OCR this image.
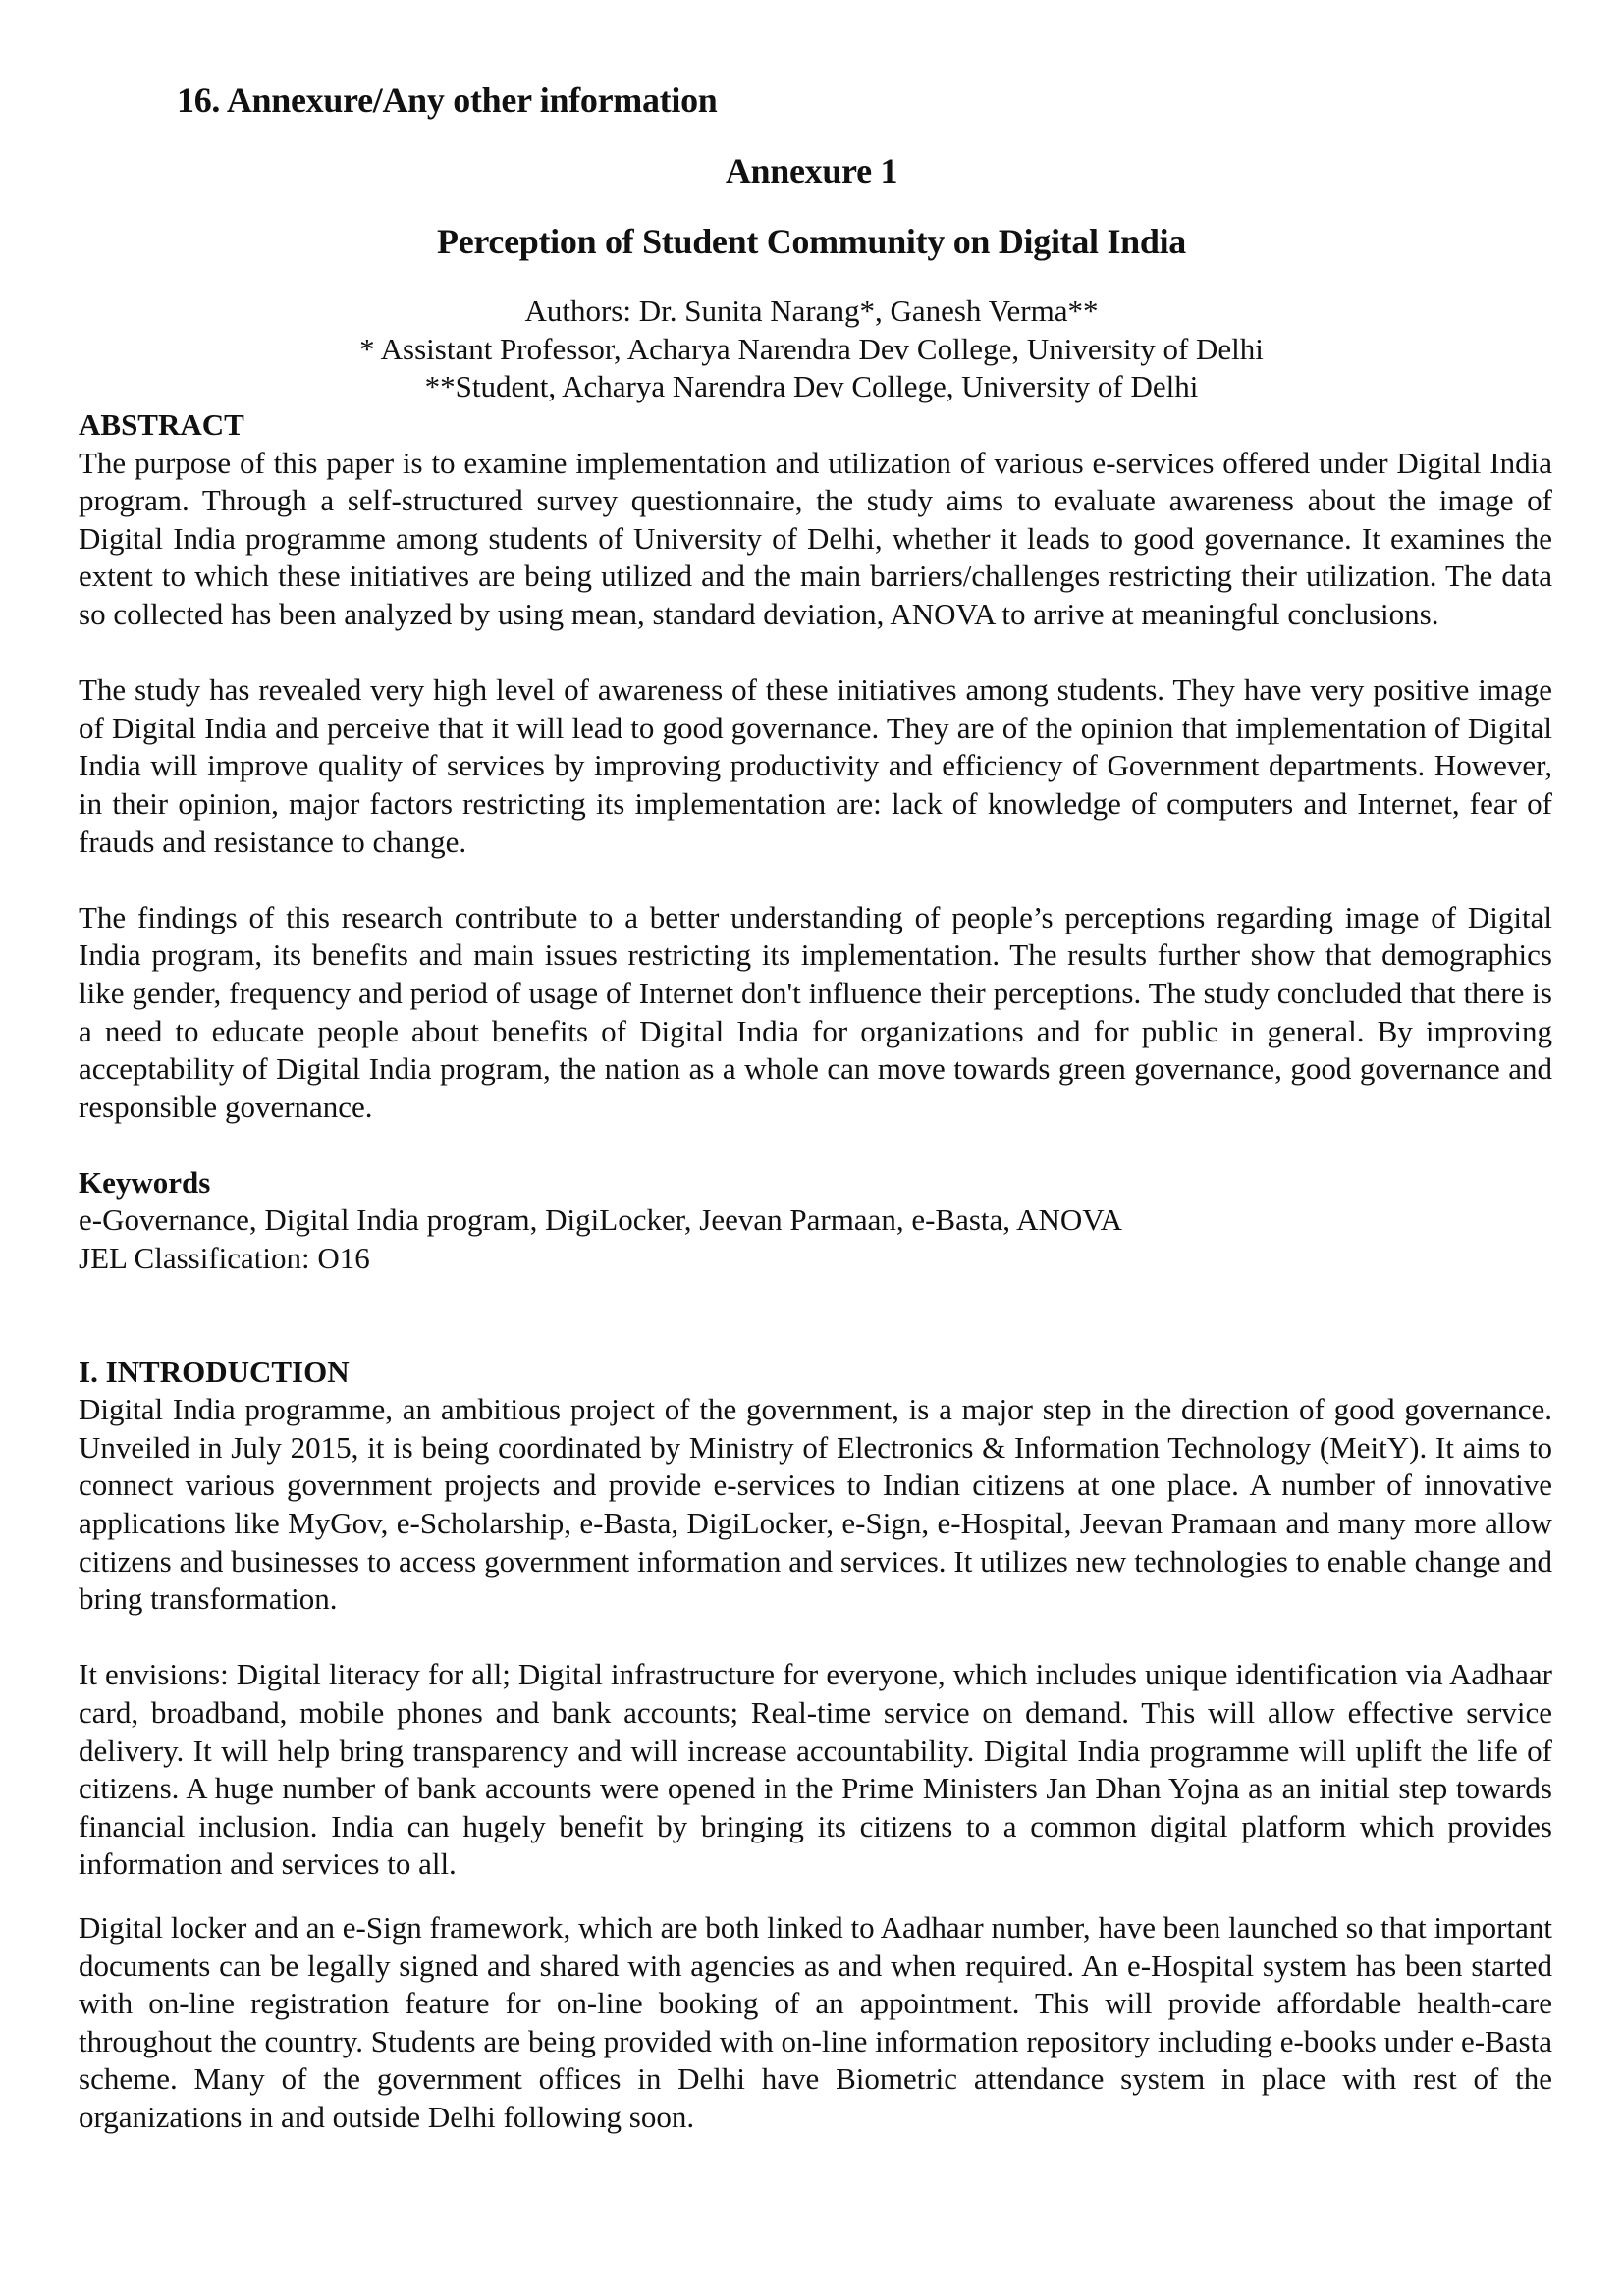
16. Annexure/Any other information
Annexure 1
Perception of Student Community on Digital India
Authors: Dr. Sunita Narang*, Ganesh Verma**
* Assistant Professor, Acharya Narendra Dev College, University of Delhi
**Student, Acharya Narendra Dev College, University of Delhi

ABSTRACT

The purpose of this paper is to examine implementation and utilization of various e-services offered under Digital India program. Through a self-structured survey questionnaire, the study aims to evaluate awareness about the image of Digital India programme among students of University of Delhi, whether it leads to good governance. It examines the extent to which these initiatives are being utilized and the main barriers/challenges restricting their utilization. The data so collected has been analyzed by using mean, standard deviation, ANOVA to arrive at meaningful conclusions.

The study has revealed very high level of awareness of these initiatives among students. They have very positive image of Digital India and perceive that it will lead to good governance. They are of the opinion that implementation of Digital India will improve quality of services by improving productivity and efficiency of Government departments. However, in their opinion, major factors restricting its implementation are: lack of knowledge of computers and Internet, fear of frauds and resistance to change.

The findings of this research contribute to a better understanding of people’s perceptions regarding image of Digital India program, its benefits and main issues restricting its implementation. The results further show that demographics like gender, frequency and period of usage of Internet don't influence their perceptions. The study concluded that there is a need to educate people about benefits of Digital India for organizations and for public in general. By improving acceptability of Digital India program, the nation as a whole can move towards green governance, good governance and responsible governance.

Keywords

e-Governance, Digital India program, DigiLocker, Jeevan Parmaan, e-Basta, ANOVA

JEL Classification: O16

I. INTRODUCTION

Digital India programme, an ambitious project of the government, is a major step in the direction of good governance. Unveiled in July 2015, it is being coordinated by Ministry of Electronics & Information Technology (MeitY). It aims to connect various government projects and provide e-services to Indian citizens at one place. A number of innovative applications like MyGov, e-Scholarship, e-Basta, DigiLocker, e-Sign, e-Hospital, Jeevan Pramaan and many more allow citizens and businesses to access government information and services. It utilizes new technologies to enable change and bring transformation.

It envisions: Digital literacy for all; Digital infrastructure for everyone, which includes unique identification via Aadhaar card, broadband, mobile phones and bank accounts; Real-time service on demand. This will allow effective service delivery. It will help bring transparency and will increase accountability. Digital India programme will uplift the life of citizens. A huge number of bank accounts were opened in the Prime Ministers Jan Dhan Yojna as an initial step towards financial inclusion. India can hugely benefit by bringing its citizens to a common digital platform which provides information and services to all.

Digital locker and an e-Sign framework, which are both linked to Aadhaar number, have been launched so that important documents can be legally signed and shared with agencies as and when required. An e-Hospital system has been started with on-line registration feature for on-line booking of an appointment. This will provide affordable health-care throughout the country. Students are being provided with on-line information repository including e-books under e-Basta scheme. Many of the government offices in Delhi have Biometric attendance system in place with rest of the organizations in and outside Delhi following soon.
